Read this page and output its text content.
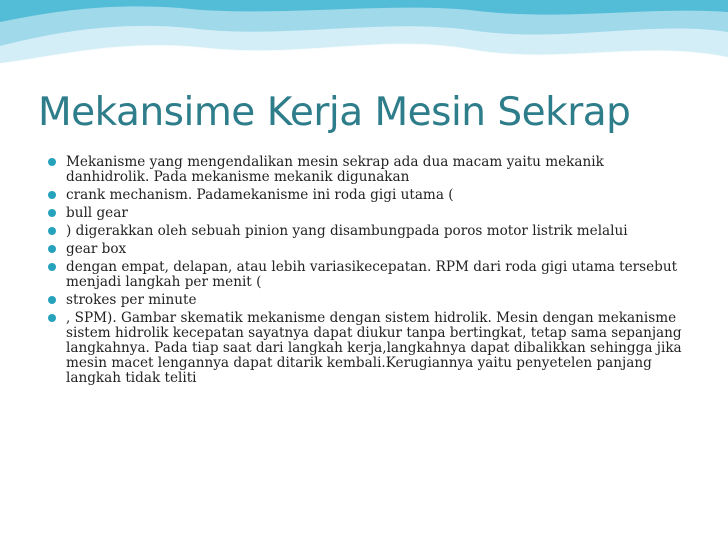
Mekansime Kerja Mesin Sekrap
Mekanisme yang mengendalikan mesin sekrap ada dua macam yaitu mekanik danhidrolik. Pada mekanisme mekanik digunakan
crank mechanism. Padamekanisme ini roda gigi utama (
bull gear
) digerakkan oleh sebuah pinion yang disambungpada poros motor listrik melalui
gear box
dengan empat, delapan, atau lebih variasikecepatan. RPM dari roda gigi utama tersebut menjadi langkah per menit (
strokes per minute
, SPM). Gambar skematik mekanisme dengan sistem hidrolik. Mesin dengan mekanisme sistem hidrolik kecepatan sayatnya dapat diukur tanpa bertingkat, tetap sama sepanjang langkahnya. Pada tiap saat dari langkah kerja,langkahnya dapat dibalikkan sehingga jika mesin macet lengannya dapat ditarik kembali.Kerugiannya yaitu penyetelen panjang langkah tidak teliti
